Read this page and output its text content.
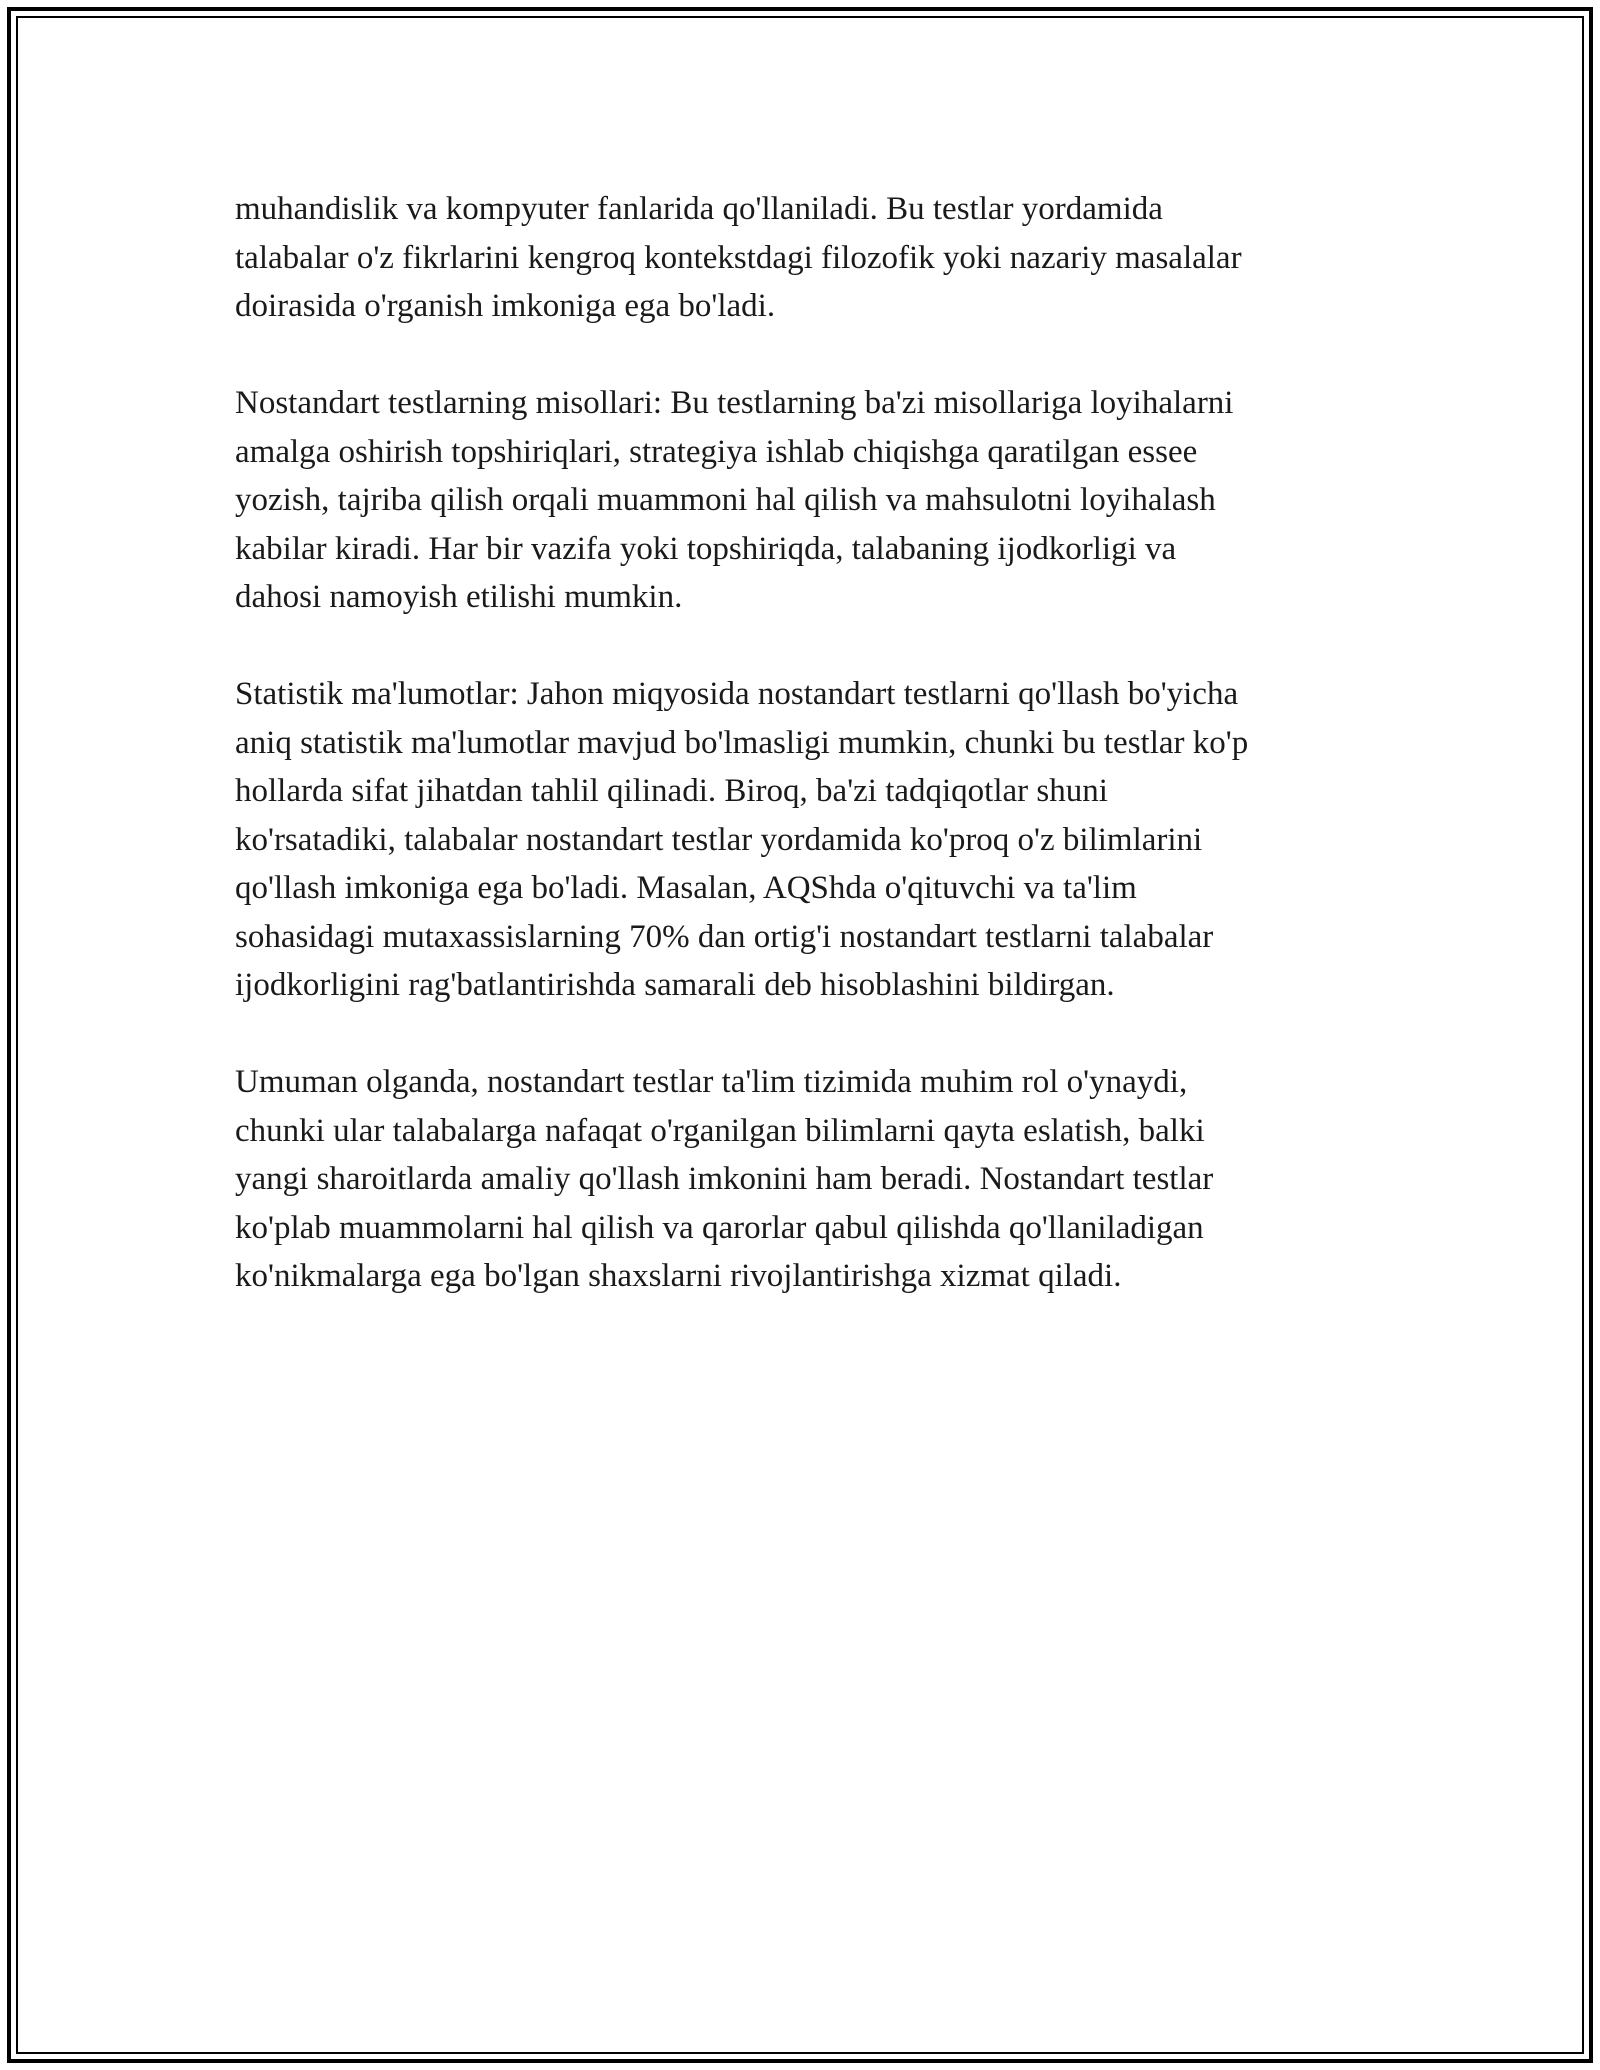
muhandislik va kompyuter fanlarida qo'llaniladi. Bu testlar yordamida
talabalar o'z fikrlarini kengroq kontekstdagi filozofik yoki nazariy masalalar
doirasida o'rganish imkoniga ega bo'ladi.

Nostandart testlarning misollari: Bu testlarning ba'zi misollariga loyihalarni
amalga oshirish topshiriqlari, strategiya ishlab chiqishga qaratilgan essee
yozish, tajriba qilish orqali muammoni hal qilish va mahsulotni loyihalash
kabilar kiradi. Har bir vazifa yoki topshiriqda, talabaning ijodkorligi va
dahosi namoyish etilishi mumkin.

Statistik ma'lumotlar: Jahon miqyosida nostandart testlarni qo'llash bo'yicha
aniq statistik ma'lumotlar mavjud bo'lmasligi mumkin, chunki bu testlar ko'p
hollarda sifat jihatdan tahlil qilinadi. Biroq, ba'zi tadqiqotlar shuni
ko'rsatadiki, talabalar nostandart testlar yordamida ko'proq o'z bilimlarini
qo'llash imkoniga ega bo'ladi. Masalan, AQShda o'qituvchi va ta'lim
sohasidagi mutaxassislarning 70% dan ortig'i nostandart testlarni talabalar
ijodkorligini rag'batlantirishda samarali deb hisoblashini bildirgan.

Umuman olganda, nostandart testlar ta'lim tizimida muhim rol o'ynaydi,
chunki ular talabalarga nafaqat o'rganilgan bilimlarni qayta eslatish, balki
yangi sharoitlarda amaliy qo'llash imkonini ham beradi. Nostandart testlar
ko'plab muammolarni hal qilish va qarorlar qabul qilishda qo'llaniladigan
ko'nikmalarga ega bo'lgan shaxslarni rivojlantirishga xizmat qiladi.
